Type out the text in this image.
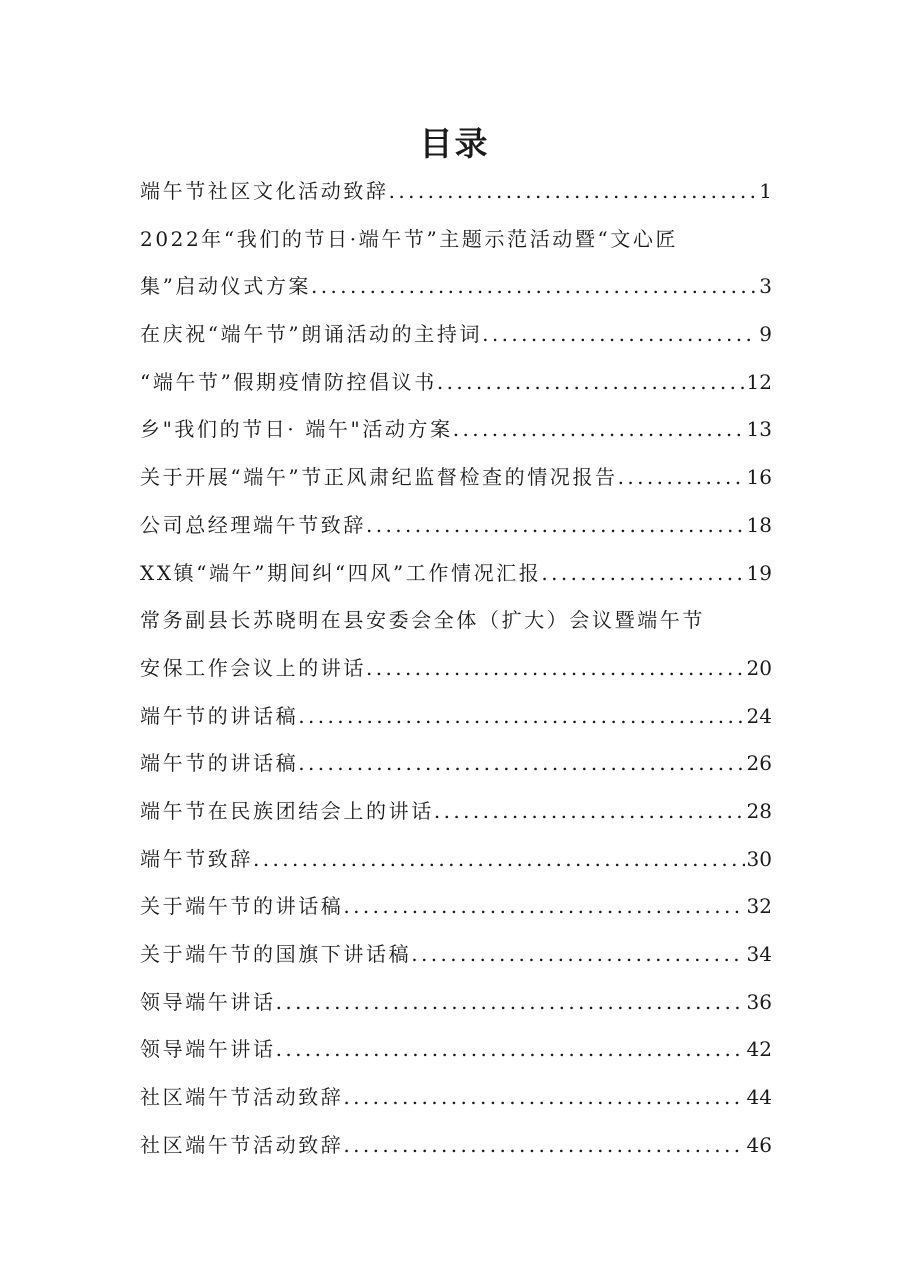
目录
端午节社区文化活动致辞 .....	1
2022年“我们的节日·端午节”主题示范活动暨“文心匠
集”启动仪式方案 .....	3
在庆祝“端午节”朗诵活动的主持词 .....	9
“端午节”假期疫情防控倡议书 .....	12
乡"我们的节日· 端午"活动方案 .....	13
关于开展“端午”节正风肃纪监督检查的情况报告 .....	16
公司总经理端午节致辞 .....	18
XX镇“端午”期间纠“四风”工作情况汇报 .....	19
常务副县长苏晓明在县安委会全体（扩大）会议暨端午节
安保工作会议上的讲话 .....	20
端午节的讲话稿 .....	24
端午节的讲话稿 .....	26
端午节在民族团结会上的讲话 .....	28
端午节致辞 .....	30
关于端午节的讲话稿 .....	32
关于端午节的国旗下讲话稿 .....	34
领导端午讲话 .....	36
领导端午讲话 .....	42
社区端午节活动致辞 .....	44
社区端午节活动致辞 .....	46
